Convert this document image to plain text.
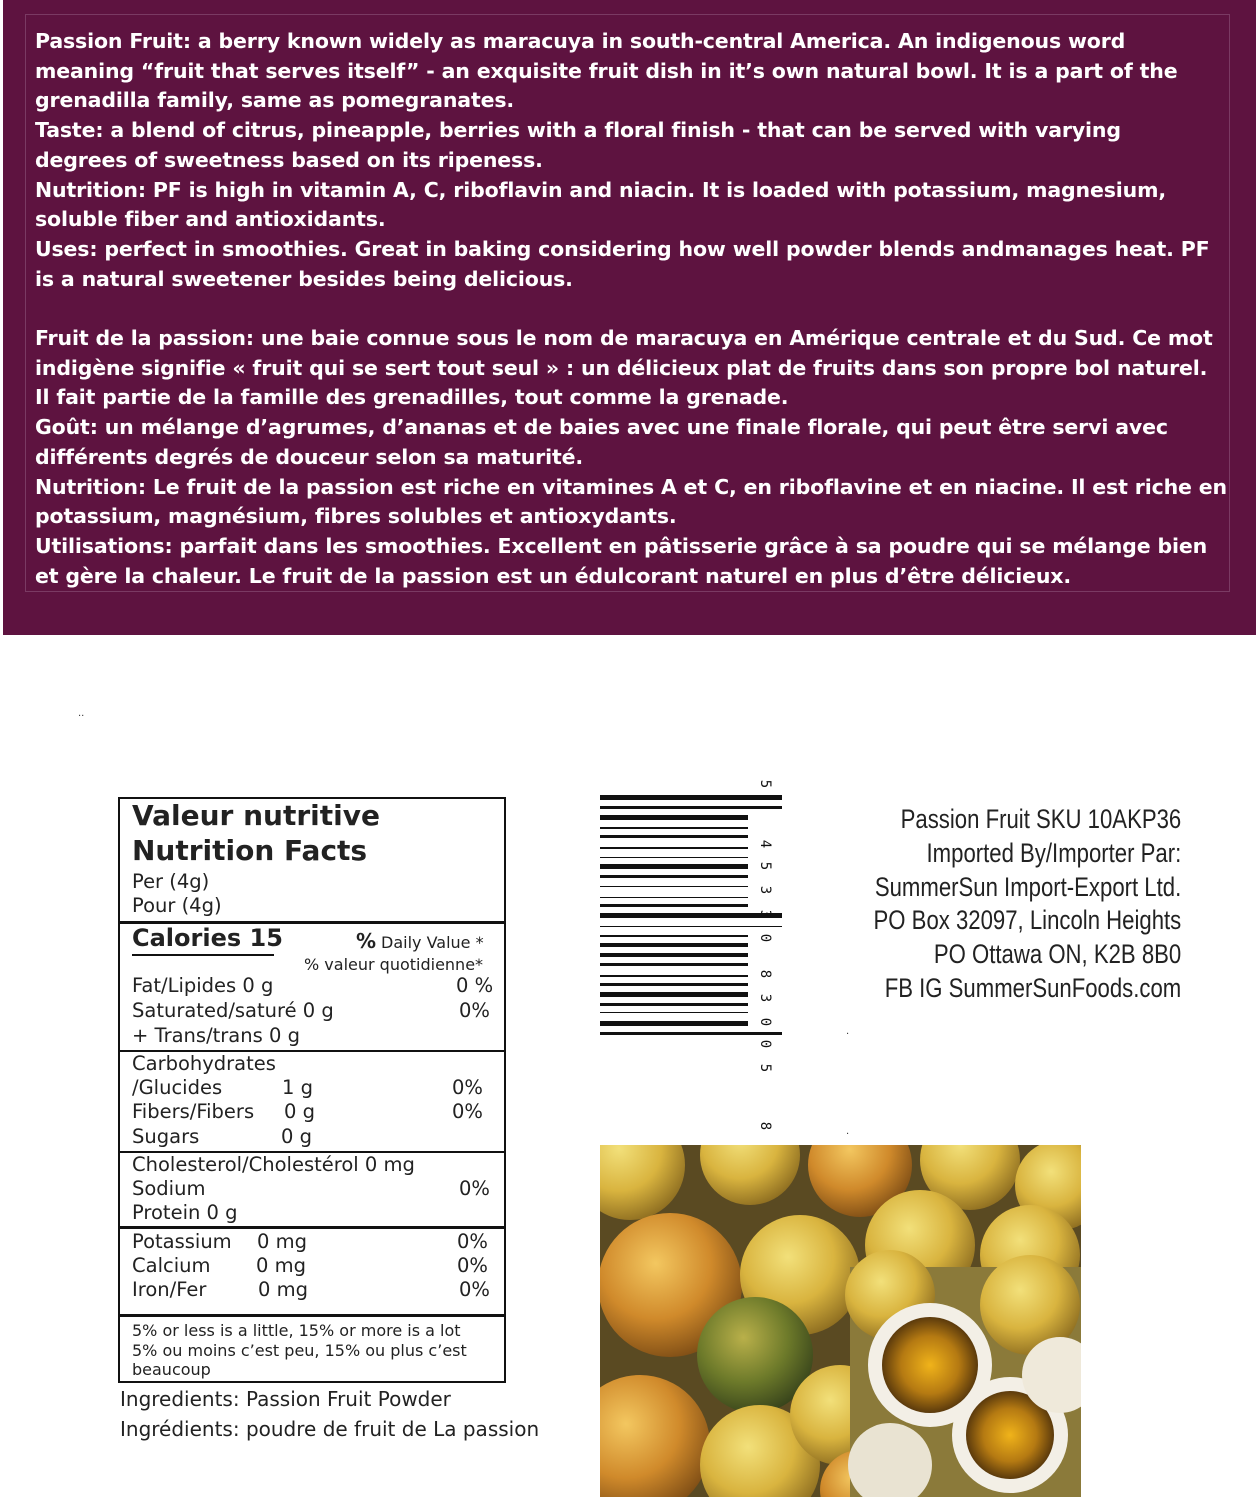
Passion Fruit: a berry known widely as maracuya in south-central America. An indigenous word
meaning “fruit that serves itself” - an exquisite fruit dish in it’s own natural bowl. It is a part of the
grenadilla family, same as pomegranates.

Taste: a blend of citrus, pineapple, berries with a floral finish - that can be served with varying
degrees of sweetness based on its ripeness.

Nutrition: PF is high in vitamin A, C, riboflavin and niacin. It is loaded with potassium, magnesium,
soluble fiber and antioxidants.

Uses: perfect in smoothies. Great in baking considering how well powder blends andmanages heat. PF
is a natural sweetener besides being delicious.

Fruit de la passion: une baie connue sous le nom de maracuya en Amérique centrale et du Sud. Ce mot
indigène signifie « fruit qui se sert tout seul » : un délicieux plat de fruits dans son propre bol naturel.
Il fait partie de la famille des grenadilles, tout comme la grenade.

Goût: un mélange d’agrumes, d’ananas et de baies avec une finale florale, qui peut être servi avec
différents degrés de douceur selon sa maturité.

Nutrition: Le fruit de la passion est riche en vitamines A et C, en riboflavine et en niacine. Il est riche en
potassium, magnésium, fibres solubles et antioxydants.

Utilisations: parfait dans les smoothies. Excellent en pâtisserie grâce à sa poudre qui se mélange bien
et gère la chaleur. Le fruit de la passion est un édulcorant naturel en plus d’être délicieux.

..
.
.
Valeur nutritive
Nutrition Facts
Per (4g)
Pour (4g)
Calories 15	% Daily Value *
% valeur quotidienne*
Fat/Lipides 0 g	0 %
Saturated/saturé 0 g	0%
+ Trans/trans 0 g
Carbohydrates
/Glucides	1 g	0%
Fibers/Fibers 0 g	0%
Sugars	0 g
Cholesterol/Cholestérol 0 mg
Sodium	0%
Protein 0 g
Potassium 0 mg	0%
Calcium 0 mg	0%
Iron/Fer	0 mg	0%
5% or less is a little, 15% or more is a lot
5% ou moins c’est peu, 15% ou plus c’est
beaucoup
Ingredients: Passion Fruit Powder
Ingrédients: poudre de fruit de La passion
8
5
0
0
3
8
0
3
3
5
4
5
Passion Fruit SKU 10AKP36
Imported By/Importer Par:
SummerSun Import-Export Ltd.
PO Box 32097, Lincoln Heights
PO Ottawa ON, K2B 8B0
FB IG SummerSunFoods.com
